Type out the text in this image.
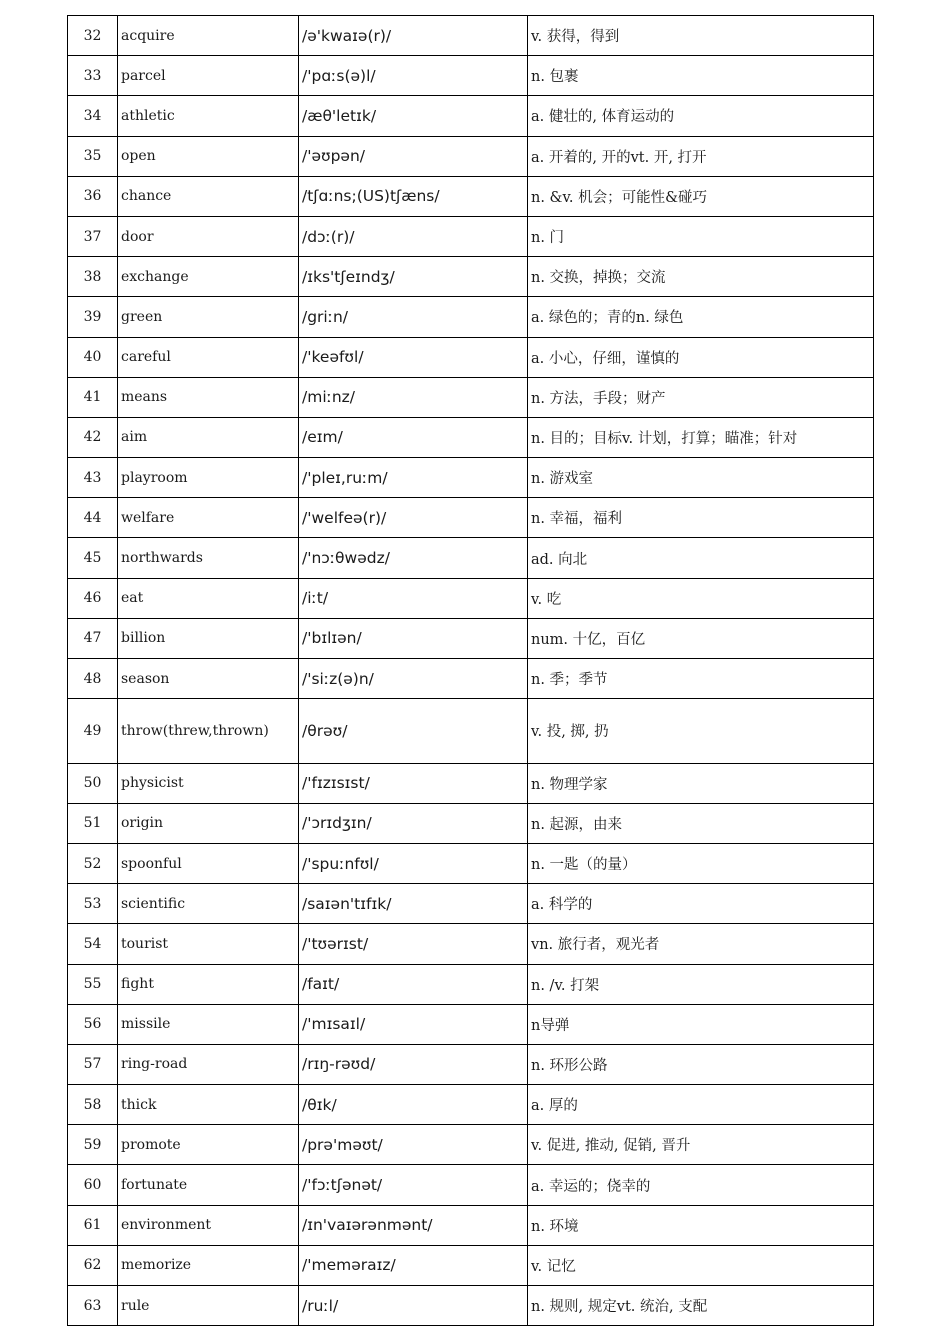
32	acquire	/ə'kwaɪə(r)/	v. 获得，得到
33	parcel	/'pɑːs(ə)l/	n. 包裹
34	athletic	/æθ'letɪk/	a. 健壮的, 体育运动的
35	open	/'əʊpən/	a. 开着的, 开的vt. 开, 打开
36	chance	/tʃɑːns;(US)tʃæns/	n. &v. 机会；可能性&碰巧
37	door	/dɔː(r)/	n. 门
38	exchange	/ɪks'tʃeɪndʒ/	n. 交换，掉换；交流
39	green	/griːn/	a. 绿色的；青的n. 绿色
40	careful	/'keəfʊl/	a. 小心，仔细，谨慎的
41	means	/miːnz/	n. 方法，手段；财产
42	aim	/eɪm/	n. 目的；目标v. 计划，打算；瞄准；针对
43	playroom	/'pleɪ,ruːm/	n. 游戏室
44	welfare	/'welfeə(r)/	n. 幸福，福利
45	northwards	/'nɔːθwədz/	ad. 向北
46	eat	/iːt/	v. 吃
47	billion	/'bɪlɪən/	num. 十亿，百亿
48	season	/'siːz(ə)n/	n. 季；季节
49	throw(threw,thrown)	/θrəʊ/	v. 投, 掷, 扔
50	physicist	/'fɪzɪsɪst/	n. 物理学家
51	origin	/'ɔrɪdʒɪn/	n. 起源，由来
52	spoonful	/'spuːnfʊl/	n. 一匙（的量）
53	scientific	/saɪən'tɪfɪk/	a. 科学的
54	tourist	/'tʊərɪst/	vn. 旅行者，观光者
55	fight	/faɪt/	n. /v. 打架
56	missile	/'mɪsaɪl/	n导弹
57	ring-road	/rɪŋ-rəʊd/	n. 环形公路
58	thick	/θɪk/	a. 厚的
59	promote	/prə'məʊt/	v. 促进, 推动, 促销, 晋升
60	fortunate	/'fɔːtʃənət/	a. 幸运的；侥幸的
61	environment	/ɪn'vaɪərənmənt/	n. 环境
62	memorize	/'meməraɪz/	v. 记忆
63	rule	/ruːl/	n. 规则, 规定vt. 统治, 支配
